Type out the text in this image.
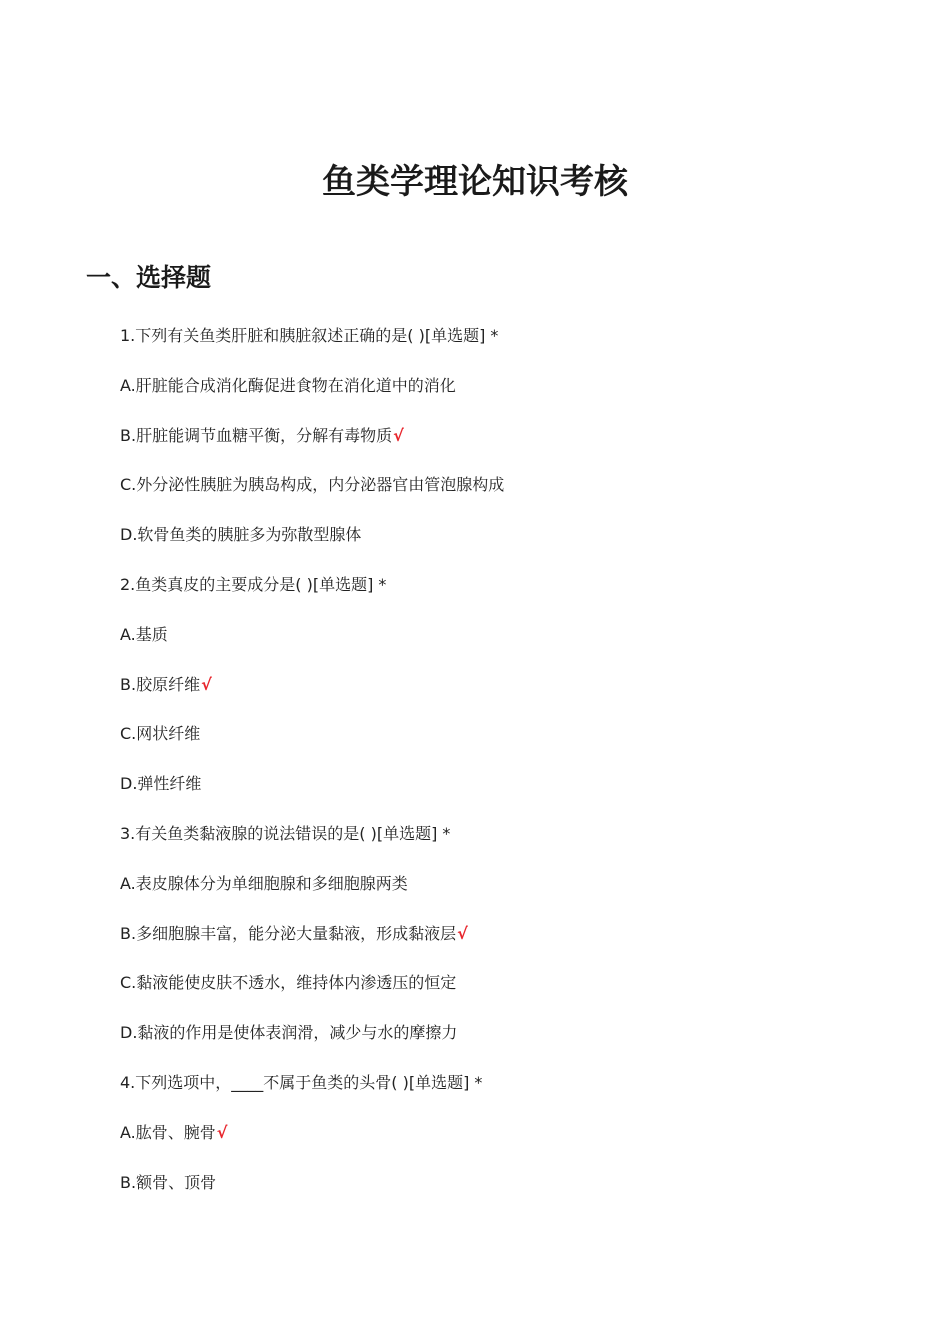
鱼类学理论知识考核
一、选择题
1.下列有关鱼类肝脏和胰脏叙述正确的是( )[单选题] *
A.肝脏能合成消化酶促进食物在消化道中的消化
B.肝脏能调节血糖平衡，分解有毒物质√
C.外分泌性胰脏为胰岛构成，内分泌器官由管泡腺构成
D.软骨鱼类的胰脏多为弥散型腺体
2.鱼类真皮的主要成分是( )[单选题] *
A.基质
B.胶原纤维√
C.网状纤维
D.弹性纤维
3.有关鱼类黏液腺的说法错误的是( )[单选题] *
A.表皮腺体分为单细胞腺和多细胞腺两类
B.多细胞腺丰富，能分泌大量黏液，形成黏液层√
C.黏液能使皮肤不透水，维持体内渗透压的恒定
D.黏液的作用是使体表润滑，减少与水的摩擦力
4.下列选项中，____不属于鱼类的头骨( )[单选题] *
A.肱骨、腕骨√
B.额骨、顶骨
